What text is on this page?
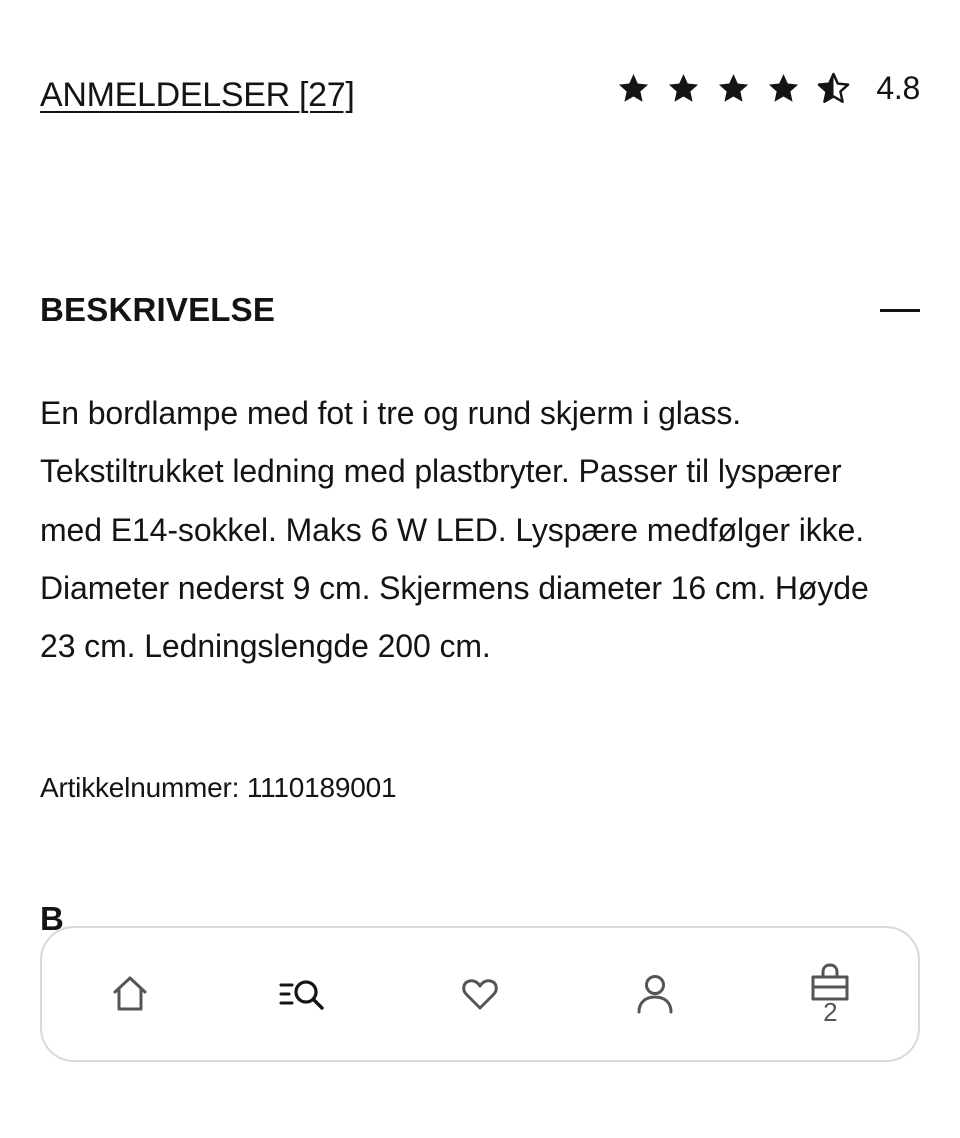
ANMELDELSER [27]	4.8
BESKRIVELSE

En bordlampe med fot i tre og rund skjerm i glass. Tekstiltrukket ledning med plastbryter. Passer til lyspærer med E14-sokkel. Maks 6 W LED. Lyspære medfølger ikke. Diameter nederst 9 cm. Skjermens diameter 16 cm. Høyde 23 cm. Ledningslengde 200 cm.

Artikkelnummer: 1110189001

B
2
